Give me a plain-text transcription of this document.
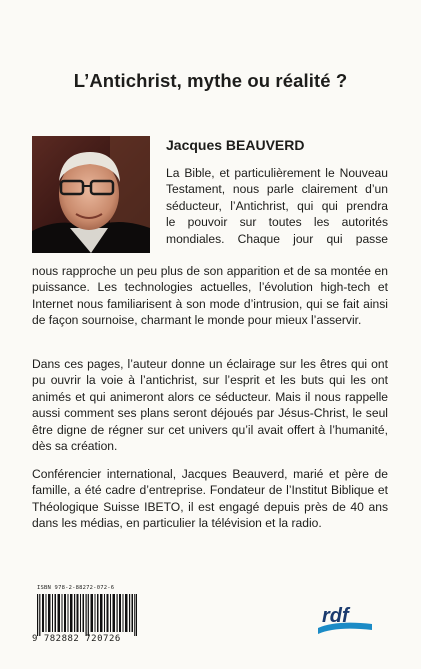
L’Antichrist, mythe ou réalité ?
Jacques BEAUVERD
La Bible, et particulièrement le Nouveau
Testament, nous parle clairement d’un
séducteur, l’Antichrist, qui qui prendra
le pouvoir sur toutes les autorités
mondiales. Chaque jour qui passe
nous rapproche un peu plus de son apparition et de sa montée en puissance. Les technologies actuelles, l’évolution high-tech et Internet nous familiarisent à son mode d’intrusion, qui se fait ainsi de façon sournoise, charmant le monde pour mieux l’asservir.
Dans ces pages, l’auteur donne un éclairage sur les êtres qui ont pu ouvrir la voie à l’antichrist, sur l’esprit et les buts qui les ont animés et qui animeront alors ce séducteur. Mais il nous rappelle aussi comment ses plans seront déjoués par Jésus-Christ, le seul être digne de régner sur cet univers qu’il avait offert à l’humanité, dès sa création.
Conférencier international, Jacques Beauverd, marié et père de famille, a été cadre d’entreprise. Fondateur de l’Institut Biblique et Théologique Suisse IBETO, il est engagé depuis près de 40 ans dans les médias, en particulier la télévision et la radio.
ISBN 978-2-88272-072-6
9 782882 720726
rdf
